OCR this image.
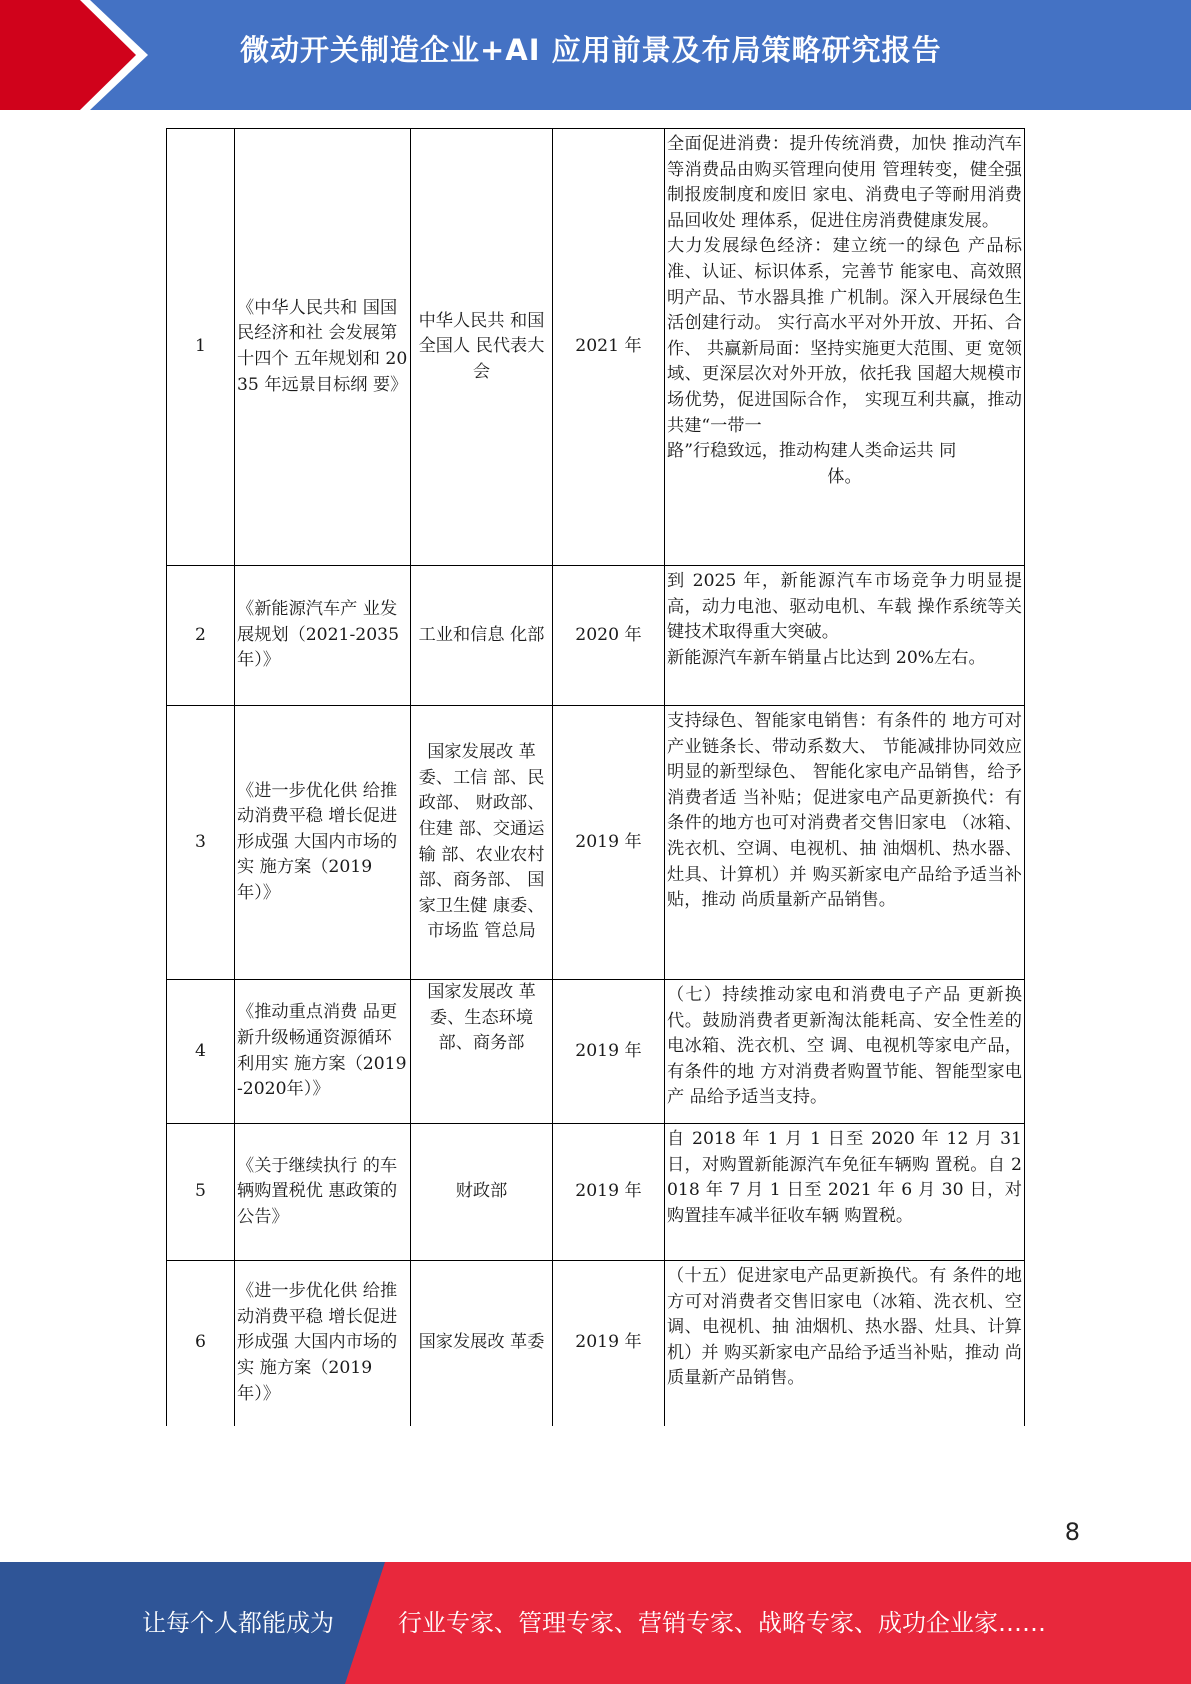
微动开关制造企业+AI 应用前景及布局策略研究报告
1	《中华人民共和 国国民经济和社 会发展第十四个 五年规划和 2035 年远景目标纲 要》	中华人民共 和国全国人 民代表大会	2021 年	全面促进消费：提升传统消费，加快 推动汽车等消费品由购买管理向使用 管理转变，健全强制报废制度和废旧 家电、消费电子等耐用消费品回收处 理体系，促进住房消费健康发展。

大力发展绿色经济：建立统一的绿色 产品标准、认证、标识体系，完善节 能家电、高效照明产品、节水器具推 广机制。深入开展绿色生活创建行动。 实行高水平对外开放、开拓、合作、 共赢新局面：坚持实施更大范围、更 宽领域、更深层次对外开放，依托我 国超大规模市场优势，促进国际合作， 实现互利共赢，推动共建“一带一

路”行稳致远，推动构建人类命运共 同

体。

2	《新能源汽车产 业发展规划（2021-2035年）》	工业和信息 化部	2020 年	到 2025 年，新能源汽车市场竞争力明显提高，动力电池、驱动电机、车载 操作系统等关键技术取得重大突破。

新能源汽车新车销量占比达到 20%左右。

3	《进一步优化供 给推动消费平稳 增长促进形成强 大国内市场的实 施方案（2019 年）》	国家发展改 革委、工信 部、民政部、 财政部、住建 部、交通运输 部、农业农村 部、商务部、 国家卫生健 康委、市场监 管总局	2019 年	支持绿色、智能家电销售：有条件的 地方可对产业链条长、带动系数大、 节能减排协同效应明显的新型绿色、 智能化家电产品销售，给予消费者适 当补贴；促进家电产品更新换代：有 条件的地方也可对消费者交售旧家电 （冰箱、洗衣机、空调、电视机、抽 油烟机、热水器、灶具、计算机）并 购买新家电产品给予适当补贴，推动 尚质量新产品销售。

4	《推动重点消费 品更新升级畅通资源循环利用实 施方案（2019-2020年）》	国家发展改 革委、生态环境部、商务部	2019 年	（七）持续推动家电和消费电子产品 更新换代。鼓励消费者更新淘汰能耗高、安全性差的电冰箱、洗衣机、空 调、电视机等家电产品，有条件的地 方对消费者购置节能、智能型家电产 品给予适当支持。

5	《关于继续执行 的车辆购置税优 惠政策的公告》	财政部	2019 年	自 2018 年 1 月 1 日至 2020 年 12 月 31 日，对购置新能源汽车免征车辆购 置税。自 2018 年 7 月 1 日至 2021 年 6 月 30 日，对购置挂车减半征收车辆 购置税。

6	《进一步优化供 给推动消费平稳 增长促进形成强 大国内市场的实 施方案（2019 年）》	国家发展改 革委	2019 年	（十五）促进家电产品更新换代。有 条件的地方可对消费者交售旧家电（冰箱、洗衣机、空调、电视机、抽 油烟机、热水器、灶具、计算机）并 购买新家电产品给予适当补贴，推动 尚质量新产品销售。

8
让每个人都能成为	行业专家、管理专家、营销专家、战略专家、成功企业家……
